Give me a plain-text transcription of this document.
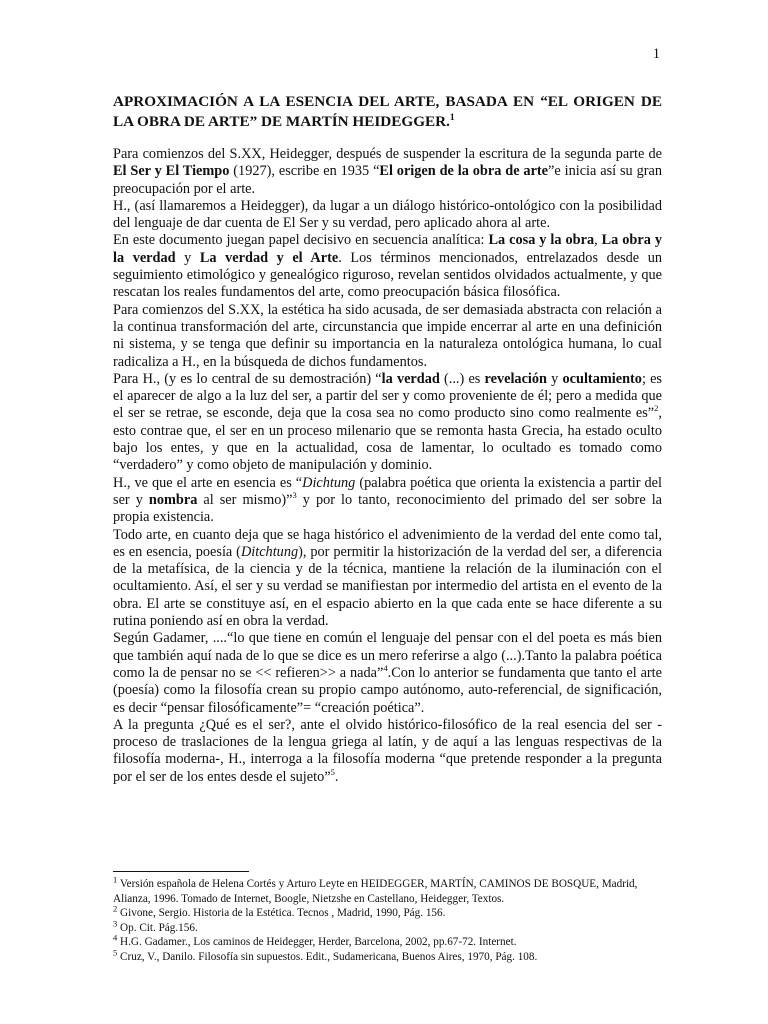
1
APROXIMACIÓN A LA ESENCIA DEL ARTE, BASADA EN “EL ORIGEN DE LA OBRA DE ARTE” DE MARTÍN HEIDEGGER.$^1$

Para comienzos del S.XX, Heidegger, después de suspender la escritura de la segunda parte de El Ser y El Tiempo (1927), escribe en 1935 “El origen de la obra de arte”e inicia así su gran preocupación por el arte.

H., (así llamaremos a Heidegger), da lugar a un diálogo histórico-ontológico con la posibilidad del lenguaje de dar cuenta de El Ser y su verdad, pero aplicado ahora al arte.

En este documento juegan papel decisivo en secuencia analítica: La cosa y la obra, La obra y la verdad y La verdad y el Arte. Los términos mencionados, entrelazados desde un seguimiento etimológico y genealógico riguroso, revelan sentidos olvidados actualmente, y que rescatan los reales fundamentos del arte, como preocupación básica filosófica.

Para comienzos del S.XX, la estética ha sido acusada, de ser demasiada abstracta con relación a la continua transformación del arte, circunstancia que impide encerrar al arte en una definición ni sistema, y se tenga que definir su importancia en la naturaleza ontológica humana, lo cual radicaliza a H., en la búsqueda de dichos fundamentos.

Para H., (y es lo central de su demostración) “la verdad (...) es revelación y ocultamiento; es el aparecer de algo a la luz del ser, a partir del ser y como proveniente de él; pero a medida que el ser se retrae, se esconde, deja que la cosa sea no como producto sino como realmente es”$^2$, esto contrae que, el ser en un proceso milenario que se remonta hasta Grecia, ha estado oculto bajo los entes, y que en la actualidad, cosa de lamentar, lo ocultado es tomado como “verdadero” y como objeto de manipulación y dominio.

H., ve que el arte en esencia es “Dichtung (palabra poética que orienta la existencia a partir del ser y nombra al ser mismo)”$^3$ y por lo tanto, reconocimiento del primado del ser sobre la propia existencia.

Todo arte, en cuanto deja que se haga histórico el advenimiento de la verdad del ente como tal, es en esencia, poesía (Ditchtung), por permitir la historización de la verdad del ser, a diferencia de la metafísica, de la ciencia y de la técnica, mantiene la relación de la iluminación con el ocultamiento. Así, el ser y su verdad se manifiestan por intermedio del artista en el evento de la obra. El arte se constituye así, en el espacio abierto en la que cada ente se hace diferente a su rutina poniendo así en obra la verdad.

Según Gadamer, ....“lo que tiene en común el lenguaje del pensar con el del poeta es más bien que también aquí nada de lo que se dice es un mero referirse a algo (...).Tanto la palabra poética como la de pensar no se << refieren>> a nada”$^4$.Con lo anterior se fundamenta que tanto el arte (poesía) como la filosofía crean su propio campo autónomo, auto-referencial, de significación, es decir “pensar filosóficamente”= “creación poética”.

A la pregunta ¿Qué es el ser?, ante el olvido histórico-filosófico de la real esencia del ser -proceso de traslaciones de la lengua griega al latín, y de aquí a las lenguas respectivas de la filosofía moderna-, H., interroga a la filosofía moderna “que pretende responder a la pregunta por el ser de los entes desde el sujeto”$^5$.

$^1$ Versión española de Helena Cortés y Arturo Leyte en HEIDEGGER, MARTÍN, CAMINOS DE BOSQUE, Madrid, Alianza, 1996. Tomado de Internet, Boogle, Nietzshe en Castellano, Heidegger, Textos.

$^2$ Givone, Sergio. Historia de la Estética. Tecnos , Madrid, 1990, Pág. 156.

$^3$ Op. Cit. Pág.156.

$^4$ H.G. Gadamer., Los caminos de Heidegger, Herder, Barcelona, 2002, pp.67-72. Internet.

$^5$ Cruz, V., Danilo. Filosofía sin supuestos. Edit., Sudamericana, Buenos Aires, 1970, Pág. 108.
